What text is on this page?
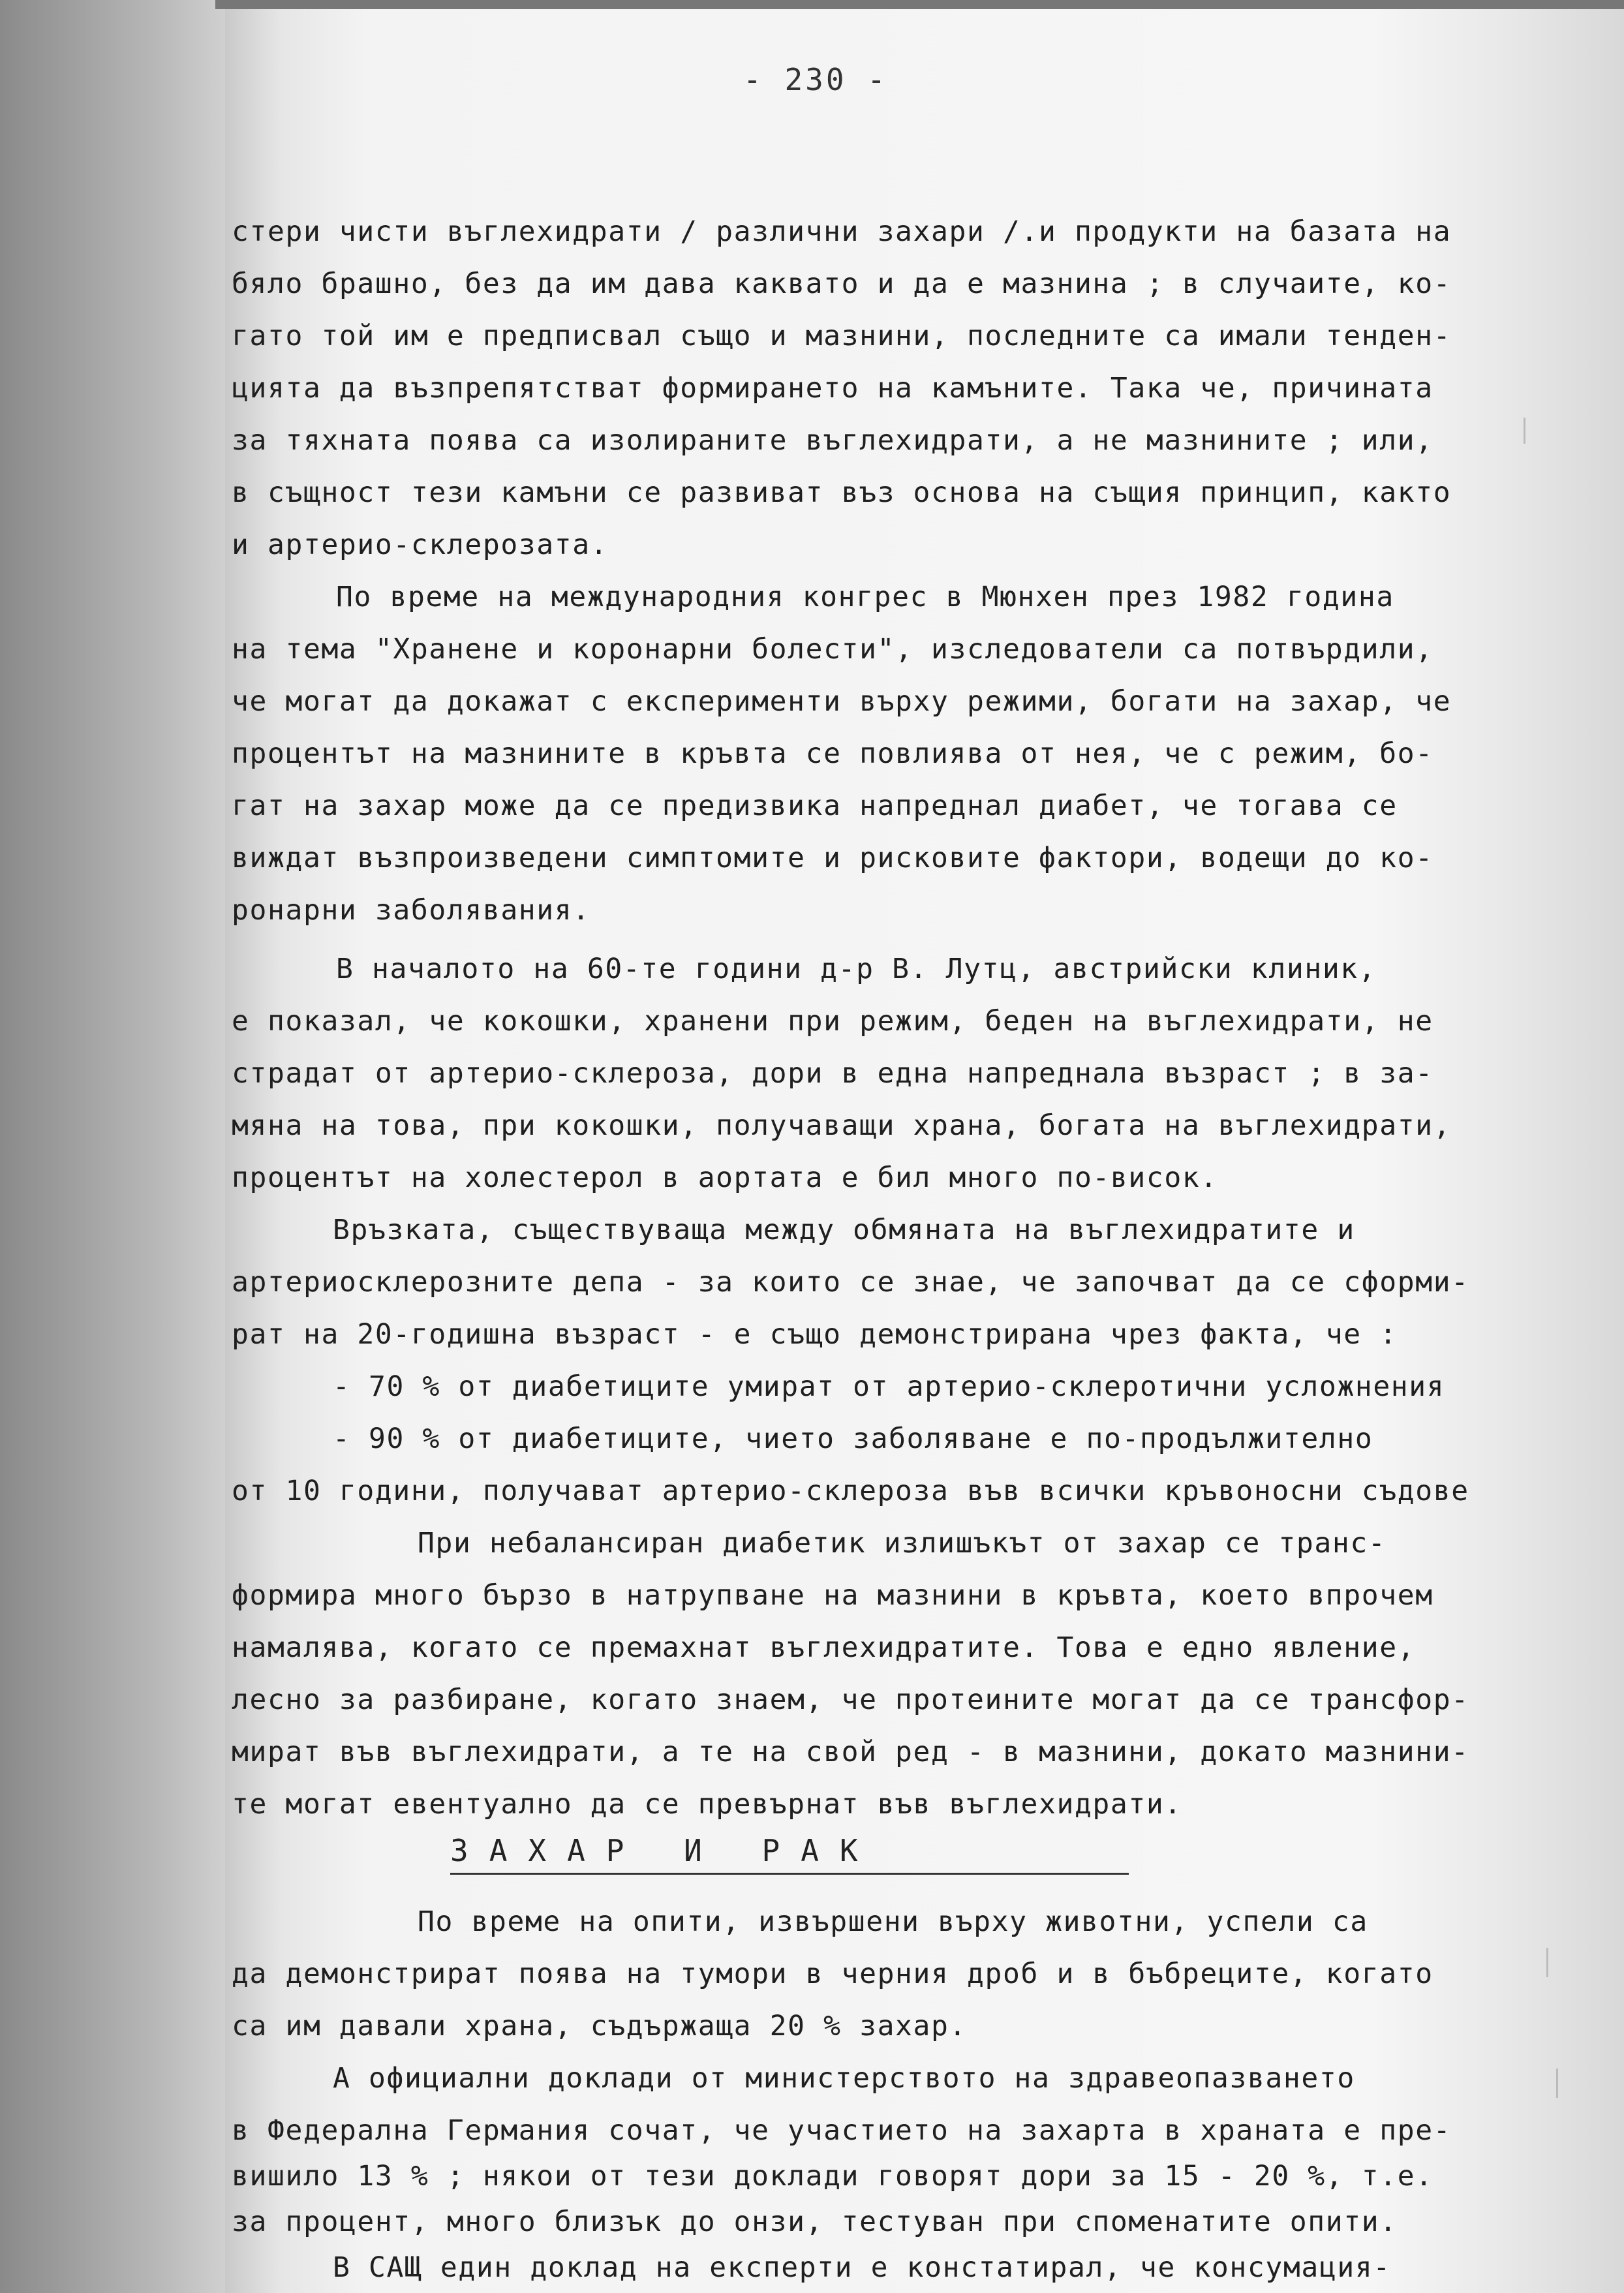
- 230 -
стери чисти въглехидрати / различни захари /.и продукти на базата на
бяло брашно, без да им дава каквато и да е мазнина ; в случаите, ко-
гато той им е предписвал също и мазнини, последните са имали тенден-
цията да възпрепятстват формирането на камъните. Така че, причината
за тяхната поява са изолираните въглехидрати, а не мазнините ; или,
в същност тези камъни се развиват въз основа на същия принцип, както
и артерио-склерозата.
По време на международния конгрес в Мюнхен през 1982 година
на тема "Хранене и коронарни болести", изследователи са потвърдили,
че могат да докажат с експерименти върху режими, богати на захар, че
процентът на мазнините в кръвта се повлиява от нея, че с режим, бо-
гат на захар може да се предизвика напреднал диабет, че тогава се
виждат възпроизведени симптомите и рисковите фактори, водещи до ко-
ронарни заболявания.
В началото на 60-те години д-р В. Лутц, австрийски клиник,
е показал, че кокошки, хранени при режим, беден на въглехидрати, не
страдат от артерио-склероза, дори в една напреднала възраст ; в за-
мяна на това, при кокошки, получаващи храна, богата на въглехидрати,
процентът на холестерол в аортата е бил много по-висок.
Връзката, съществуваща между обмяната на въглехидратите и
артериосклерозните депа - за които се знае, че започват да се сформи-
рат на 20-годишна възраст - е също демонстрирана чрез факта, че :
- 70 % от диабетиците умират от артерио-склеротични усложнения
- 90 % от диабетиците, чието заболяване е по-продължително
от 10 години, получават артерио-склероза във всички кръвоносни съдове
При небалансиран диабетик излишъкът от захар се транс-
формира много бързо в натрупване на мазнини в кръвта, което впрочем
намалява, когато се премахнат въглехидратите. Това е едно явление,
лесно за разбиране, когато знаем, че протеините могат да се трансфор-
мират във въглехидрати, а те на свой ред - в мазнини, докато мазнини-
те могат евентуално да се превърнат във въглехидрати.
ЗАХАР И РАК
По време на опити, извършени върху животни, успели са
да демонстрират поява на тумори в черния дроб и в бъбреците, когато
са им давали храна, съдържаща 20 % захар.
А официални доклади от министерството на здравеопазването
в Федерална Германия сочат, че участието на захарта в храната е пре-
вишило 13 % ; някои от тези доклади говорят дори за 15 - 20 %, т.е.
за процент, много близък до онзи, тестуван при споменатите опити.
В САЩ един доклад на експерти е констатирал, че консумация-
